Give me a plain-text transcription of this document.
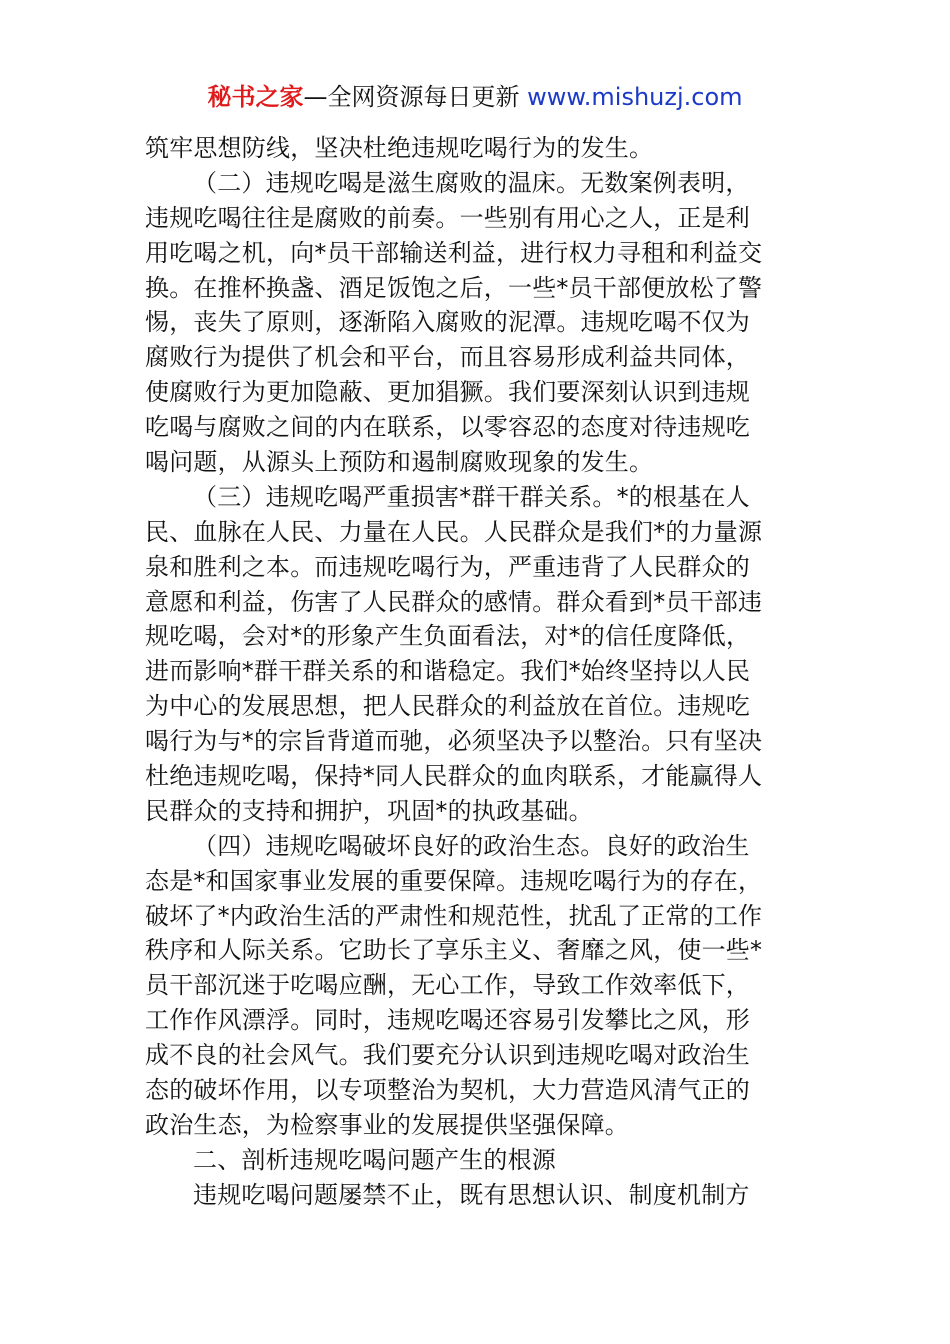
秘书之家—全网资源每日更新 www.mishuzj.com
筑牢思想防线，坚决杜绝违规吃喝行为的发生。
（二）违规吃喝是滋生腐败的温床。无数案例表明，
违规吃喝往往是腐败的前奏。一些别有用心之人，正是利
用吃喝之机，向*员干部输送利益，进行权力寻租和利益交
换。在推杯换盏、酒足饭饱之后，一些*员干部便放松了警
惕，丧失了原则，逐渐陷入腐败的泥潭。违规吃喝不仅为
腐败行为提供了机会和平台，而且容易形成利益共同体，
使腐败行为更加隐蔽、更加猖獗。我们要深刻认识到违规
吃喝与腐败之间的内在联系，以零容忍的态度对待违规吃
喝问题，从源头上预防和遏制腐败现象的发生。
（三）违规吃喝严重损害*群干群关系。*的根基在人
民、血脉在人民、力量在人民。人民群众是我们*的力量源
泉和胜利之本。而违规吃喝行为，严重违背了人民群众的
意愿和利益，伤害了人民群众的感情。群众看到*员干部违
规吃喝，会对*的形象产生负面看法，对*的信任度降低，
进而影响*群干群关系的和谐稳定。我们*始终坚持以人民
为中心的发展思想，把人民群众的利益放在首位。违规吃
喝行为与*的宗旨背道而驰，必须坚决予以整治。只有坚决
杜绝违规吃喝，保持*同人民群众的血肉联系，才能赢得人
民群众的支持和拥护，巩固*的执政基础。
（四）违规吃喝破坏良好的政治生态。良好的政治生
态是*和国家事业发展的重要保障。违规吃喝行为的存在，
破坏了*内政治生活的严肃性和规范性，扰乱了正常的工作
秩序和人际关系。它助长了享乐主义、奢靡之风，使一些*
员干部沉迷于吃喝应酬，无心工作，导致工作效率低下，
工作作风漂浮。同时，违规吃喝还容易引发攀比之风，形
成不良的社会风气。我们要充分认识到违规吃喝对政治生
态的破坏作用，以专项整治为契机，大力营造风清气正的
政治生态，为检察事业的发展提供坚强保障。
二、剖析违规吃喝问题产生的根源
违规吃喝问题屡禁不止，既有思想认识、制度机制方
